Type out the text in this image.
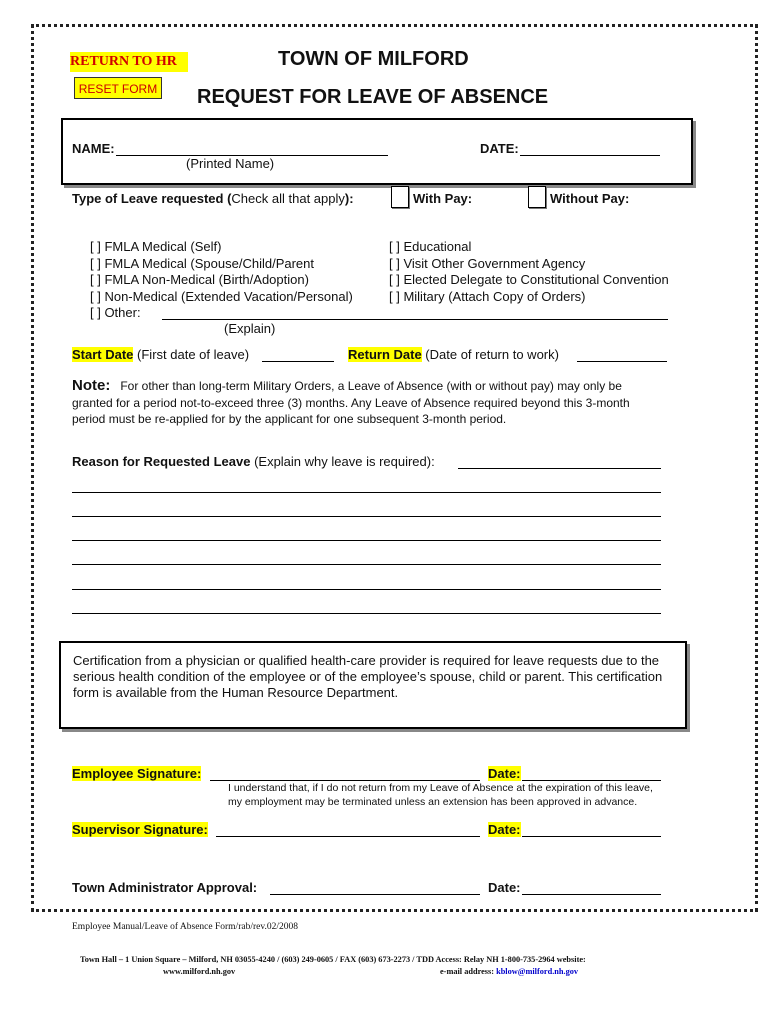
RETURN TO HR
RESET FORM
TOWN OF MILFORD
REQUEST FOR LEAVE OF ABSENCE
NAME:
(Printed Name)
DATE:
Type of Leave requested (Check all that apply):	With Pay:	Without Pay:
[ ] FMLA Medical (Self)
[ ] FMLA Medical (Spouse/Child/Parent
[ ] FMLA Non-Medical (Birth/Adoption)
[ ] Non-Medical (Extended Vacation/Personal)
[ ] Other:
[ ] Educational
[ ] Visit Other Government Agency
[ ] Elected Delegate to Constitutional Convention
[ ] Military (Attach Copy of Orders)
(Explain)
Start Date (First date of leave)	Return Date (Date of return to work)
Note: For other than long-term Military Orders, a Leave of Absence (with or without pay) may only be
granted for a period not-to-exceed three (3) months. Any Leave of Absence required beyond this 3-month
period must be re-applied for by the applicant for one subsequent 3-month period.
Reason for Requested Leave (Explain why leave is required):
Certification from a physician or qualified health-care provider is required for leave requests due to the serious health condition of the employee or of the employee’s spouse, child or parent. This certification form is available from the Human Resource Department.
Employee Signature:	Date:
I understand that, if I do not return from my Leave of Absence at the expiration of this leave,
my employment may be terminated unless an extension has been approved in advance.
Supervisor Signature:	Date:
Town Administrator Approval:	Date:
Employee Manual/Leave of Absence Form/rab/rev.02/2008
Town Hall – 1 Union Square – Milford, NH 03055-4240 / (603) 249-0605 / FAX (603) 673-2273 / TDD Access: Relay NH 1-800-735-2964 website:
www.milford.nh.gov	e-mail address: kblow@milford.nh.gov
